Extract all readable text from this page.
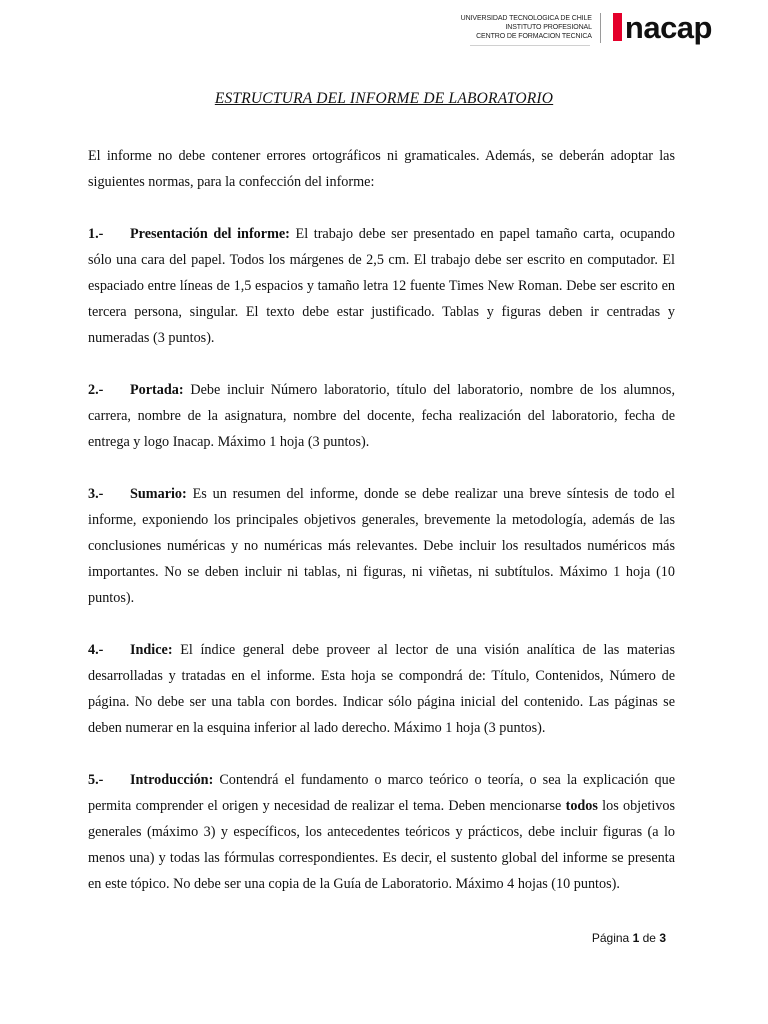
UNIVERSIDAD TECNOLOGICA DE CHILE
INSTITUTO PROFESIONAL
CENTRO DE FORMACION TECNICA nacap
ESTRUCTURA DEL INFORME DE LABORATORIO

El informe no debe contener errores ortográficos ni gramaticales. Además, se deberán adoptar las siguientes normas, para la confección del informe:

1.- Presentación del informe: El trabajo debe ser presentado en papel tamaño carta, ocupando sólo una cara del papel. Todos los márgenes de 2,5 cm. El trabajo debe ser escrito en computador. El espaciado entre líneas de 1,5 espacios y tamaño letra 12 fuente Times New Roman. Debe ser escrito en tercera persona, singular. El texto debe estar justificado. Tablas y figuras deben ir centradas y numeradas (3 puntos).

2.- Portada: Debe incluir Número laboratorio, título del laboratorio, nombre de los alumnos, carrera, nombre de la asignatura, nombre del docente, fecha realización del laboratorio, fecha de entrega y logo Inacap. Máximo 1 hoja (3 puntos).

3.- Sumario: Es un resumen del informe, donde se debe realizar una breve síntesis de todo el informe, exponiendo los principales objetivos generales, brevemente la metodología, además de las conclusiones numéricas y no numéricas más relevantes. Debe incluir los resultados numéricos más importantes. No se deben incluir ni tablas, ni figuras, ni viñetas, ni subtítulos. Máximo 1 hoja (10 puntos).

4.- Indice: El índice general debe proveer al lector de una visión analítica de las materias desarrolladas y tratadas en el informe. Esta hoja se compondrá de: Título, Contenidos, Número de página. No debe ser una tabla con bordes. Indicar sólo página inicial del contenido. Las páginas se deben numerar en la esquina inferior al lado derecho. Máximo 1 hoja (3 puntos).

5.- Introducción: Contendrá el fundamento o marco teórico o teoría, o sea la explicación que permita comprender el origen y necesidad de realizar el tema. Deben mencionarse todos los objetivos generales (máximo 3) y específicos, los antecedentes teóricos y prácticos, debe incluir figuras (a lo menos una) y todas las fórmulas correspondientes. Es decir, el sustento global del informe se presenta en este tópico. No debe ser una copia de la Guía de Laboratorio. Máximo 4 hojas (10 puntos).

Página 1 de 3
